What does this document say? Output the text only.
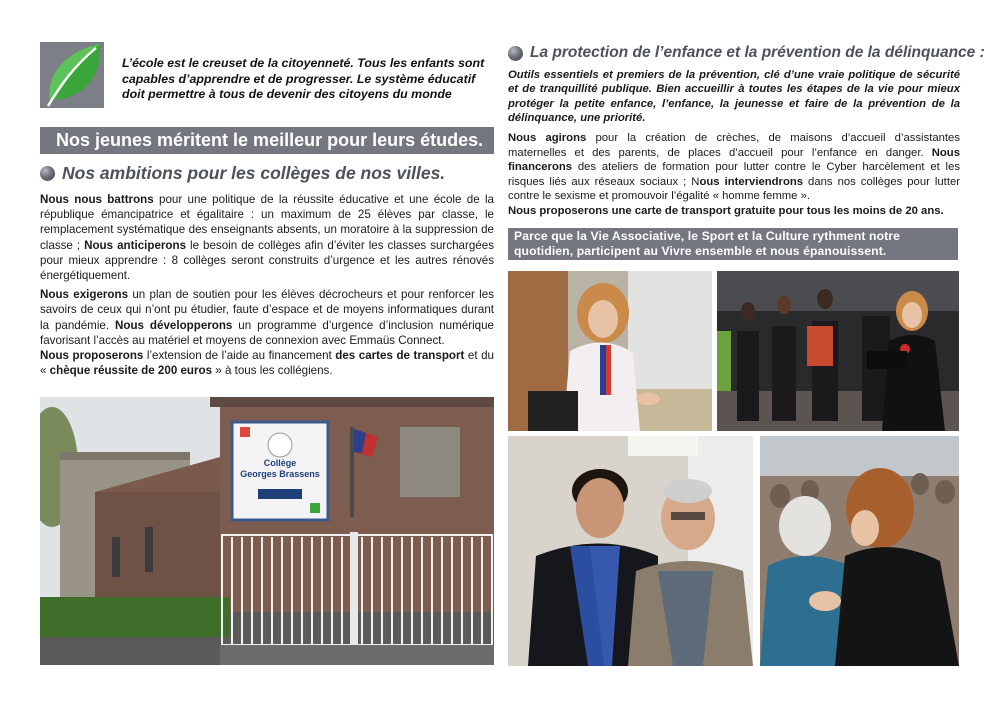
L’école est le creuset de la citoyenneté. Tous les enfants sont capables d’apprendre et de progresser. Le système éducatif doit permettre à tous de devenir des citoyens du monde

Nos jeunes méritent le meilleur pour leurs études.
Nos ambitions pour les collèges de nos villes.

Nous nous battrons pour une politique de la réussite éducative et une école de la république émancipatrice et égalitaire : un maximum de 25 élèves par classe, le remplacement systématique des enseignants absents, un moratoire à la suppression de classe ; Nous anticiperons le besoin de collèges afin d’éviter les classes surchargées pour mieux apprendre : 8 collèges seront construits d’urgence et les autres rénovés énergétiquement.

Nous exigerons un plan de soutien pour les élèves décrocheurs et pour renforcer les savoirs de ceux qui n’ont pu étudier, faute d’espace et de moyens informatiques durant la pandémie. Nous développerons un programme d’urgence d’inclusion numérique favorisant l’accès au matériel et moyens de connexion avec Emmaüs Connect.

Nous proposerons l’extension de l’aide au financement des cartes de transport et du « chèque réussite de 200 euros » à tous les collégiens.

Collège
Georges Brassens
La protection de l’enfance et la prévention de la délinquance :

Outils essentiels et premiers de la prévention, clé d’une vraie politique de sécurité et de tranquillité publique. Bien accueillir à toutes les étapes de la vie pour mieux protéger la petite enfance, l’enfance, la jeunesse et faire de la prévention de la délinquance, une priorité.

Nous agirons pour la création de crèches, de maisons d’accueil d’assistantes maternelles et des parents, de places d’accueil pour l’enfance en danger. Nous financerons des ateliers de formation pour lutter contre le Cyber harcèlement et les risques liés aux réseaux sociaux ; Nous interviendrons dans nos collèges pour lutter contre le sexisme et promouvoir l’égalité « homme femme ».

Nous proposerons une carte de transport gratuite pour tous les moins de 20 ans.

Parce que la Vie Associative, le Sport et la Culture rythment notre quotidien, participent au Vivre ensemble et nous épanouissent.
